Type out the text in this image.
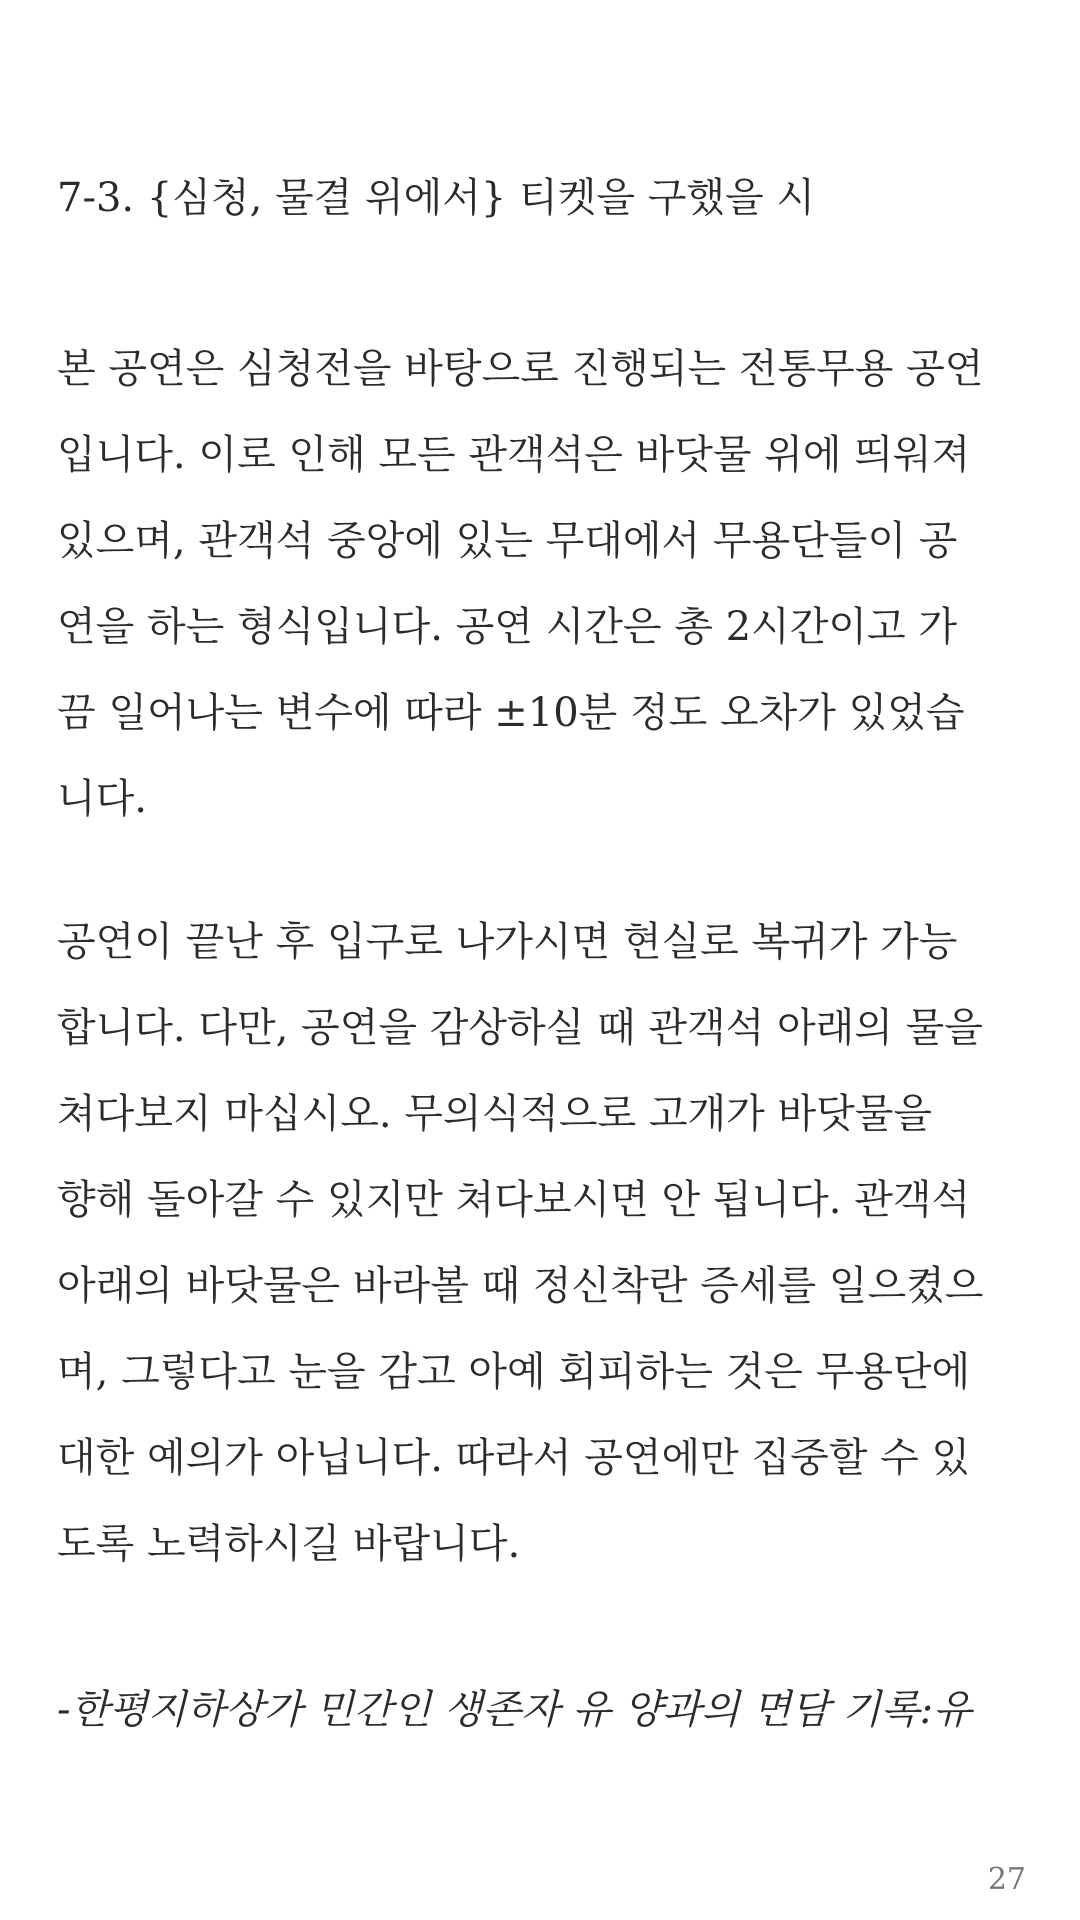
7-3. {심청, 물결 위에서} 티켓을 구했을 시

본 공연은 심청전을 바탕으로 진행되는 전통무용 공연
입니다. 이로 인해 모든 관객석은 바닷물 위에 띄워져
있으며, 관객석 중앙에 있는 무대에서 무용단들이 공
연을 하는 형식입니다. 공연 시간은 총 2시간이고 가
끔 일어나는 변수에 따라 ±10분 정도 오차가 있었습
니다.

공연이 끝난 후 입구로 나가시면 현실로 복귀가 가능
합니다. 다만, 공연을 감상하실 때 관객석 아래의 물을
쳐다보지 마십시오. 무의식적으로 고개가 바닷물을
향해 돌아갈 수 있지만 쳐다보시면 안 됩니다. 관객석
아래의 바닷물은 바라볼 때 정신착란 증세를 일으켰으
며, 그렇다고 눈을 감고 아예 회피하는 것은 무용단에
대한 예의가 아닙니다. 따라서 공연에만 집중할 수 있
도록 노력하시길 바랍니다.

-한평지하상가 민간인 생존자 유 양과의 면담 기록:유

27
